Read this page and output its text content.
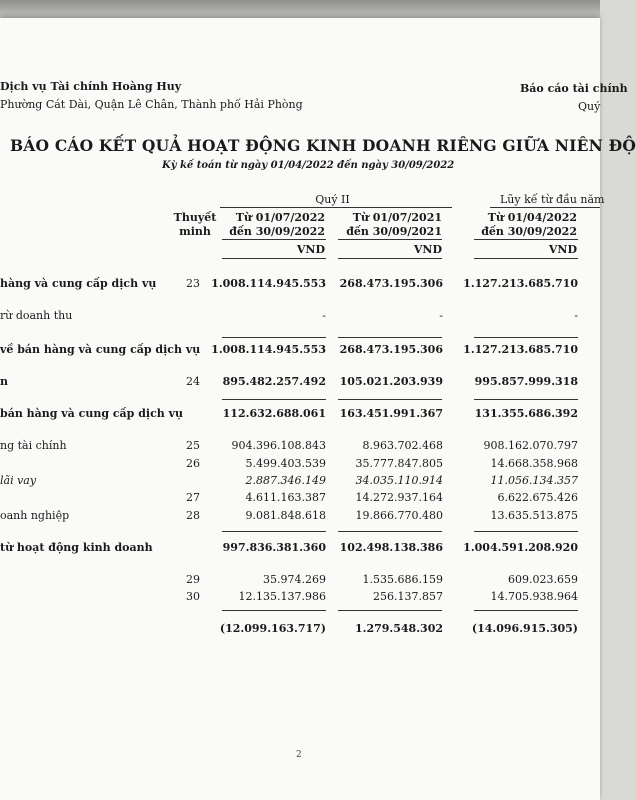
Dịch vụ Tài chính Hoàng Huy
Phường Cát Dài, Quận Lê Chân, Thành phố Hải Phòng
Báo cáo tài chính
Quý
BÁO CÁO KẾT QUẢ HOẠT ĐỘNG KINH DOANH RIÊNG GIỮA NIÊN ĐỘ
Kỳ kế toán từ ngày 01/04/2022 đến ngày 30/09/2022
Quý II	Lũy kế từ đầu năm
Thuyết
minh
Từ 01/07/2022
đến 30/09/2022
Từ 01/07/2021
đến 30/09/2021
Từ 01/04/2022
đến 30/09/2022
VND	VND	VND
hàng và cung cấp dịch vụ	23	1.008.114.945.553	268.473.195.306	1.127.213.685.710
rừ doanh thu	-	-	-
về bán hàng và cung cấp dịch vụ 1.008.114.945.553	268.473.195.306	1.127.213.685.710
n	24	895.482.257.492	105.021.203.939	995.857.999.318
bán hàng và cung cấp dịch vụ	112.632.688.061	163.451.991.367	131.355.686.392
ng tài chính	25	904.396.108.843	8.963.702.468	908.162.070.797
26	5.499.403.539	35.777.847.805	14.668.358.968
lãi vay	2.887.346.149	34.035.110.914	11.056.134.357
27	4.611.163.387	14.272.937.164	6.622.675.426
oanh nghiệp	28	9.081.848.618	19.866.770.480	13.635.513.875
từ hoạt động kinh doanh	997.836.381.360	102.498.138.386	1.004.591.208.920
29	35.974.269	1.535.686.159	609.023.659
30	12.135.137.986	256.137.857	14.705.938.964
(12.099.163.717)	1.279.548.302	(14.096.915.305)
2
